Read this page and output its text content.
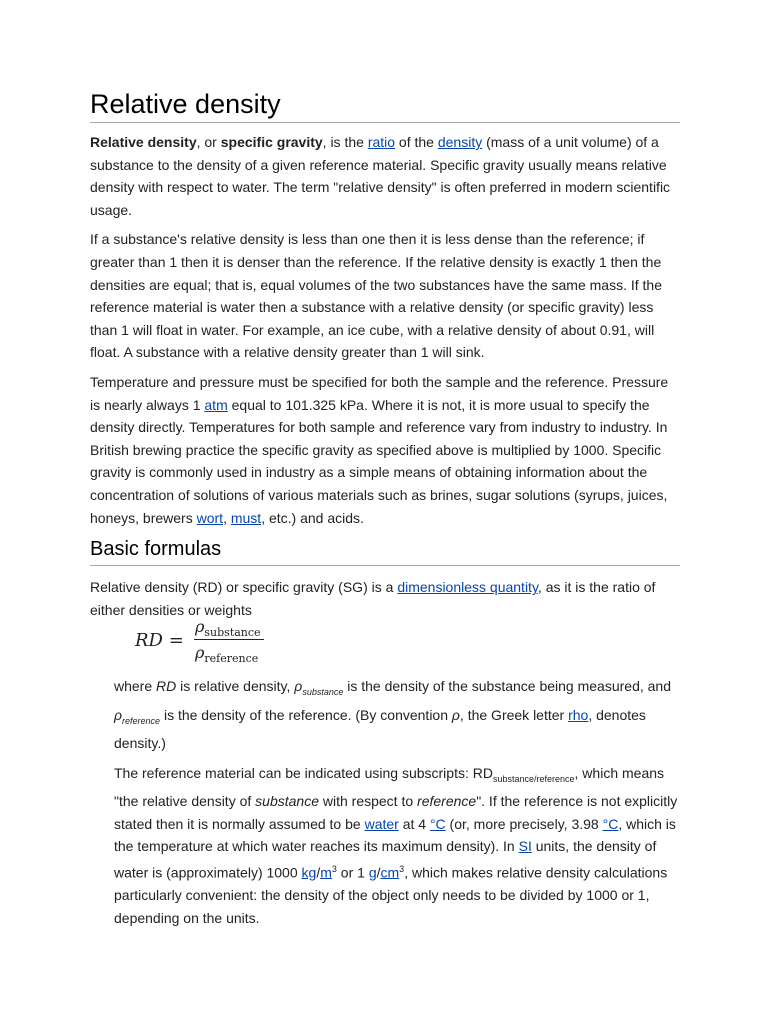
Relative density

Relative density, or specific gravity, is the ratio of the density (mass of a unit volume) of a substance to the density of a given reference material. Specific gravity usually means relative density with respect to water. The term "relative density" is often preferred in modern scientific usage.

If a substance's relative density is less than one then it is less dense than the reference; if greater than 1 then it is denser than the reference. If the relative density is exactly 1 then the densities are equal; that is, equal volumes of the two substances have the same mass. If the reference material is water then a substance with a relative density (or specific gravity) less than 1 will float in water. For example, an ice cube, with a relative density of about 0.91, will float. A substance with a relative density greater than 1 will sink.

Temperature and pressure must be specified for both the sample and the reference. Pressure is nearly always 1 atm equal to 101.325 kPa. Where it is not, it is more usual to specify the density directly. Temperatures for both sample and reference vary from industry to industry. In British brewing practice the specific gravity as specified above is multiplied by 1000. Specific gravity is commonly used in industry as a simple means of obtaining information about the concentration of solutions of various materials such as brines, sugar solutions (syrups, juices, honeys, brewers wort, must, etc.) and acids.

Basic formulas

Relative density (RD) or specific gravity (SG) is a dimensionless quantity, as it is the ratio of either densities or weights

RD =
$\rho_{substance}$
$\rho_{reference}$

where RD is relative density, $\rho_{substance}$ is the density of the substance being measured, and $\rho_{reference}$ is the density of the reference. (By convention ρ, the Greek letter rho, denotes density.)

The reference material can be indicated using subscripts: $RD_{substance/reference}$, which means "the relative density of substance with respect to reference". If the reference is not explicitly stated then it is normally assumed to be water at 4 °C (or, more precisely, 3.98 °C, which is the temperature at which water reaches its maximum density). In SI units, the density of water is (approximately) 1000 $kg/m^3$ or 1 $g/cm^3$, which makes relative density calculations particularly convenient: the density of the object only needs to be divided by 1000 or 1, depending on the units.
